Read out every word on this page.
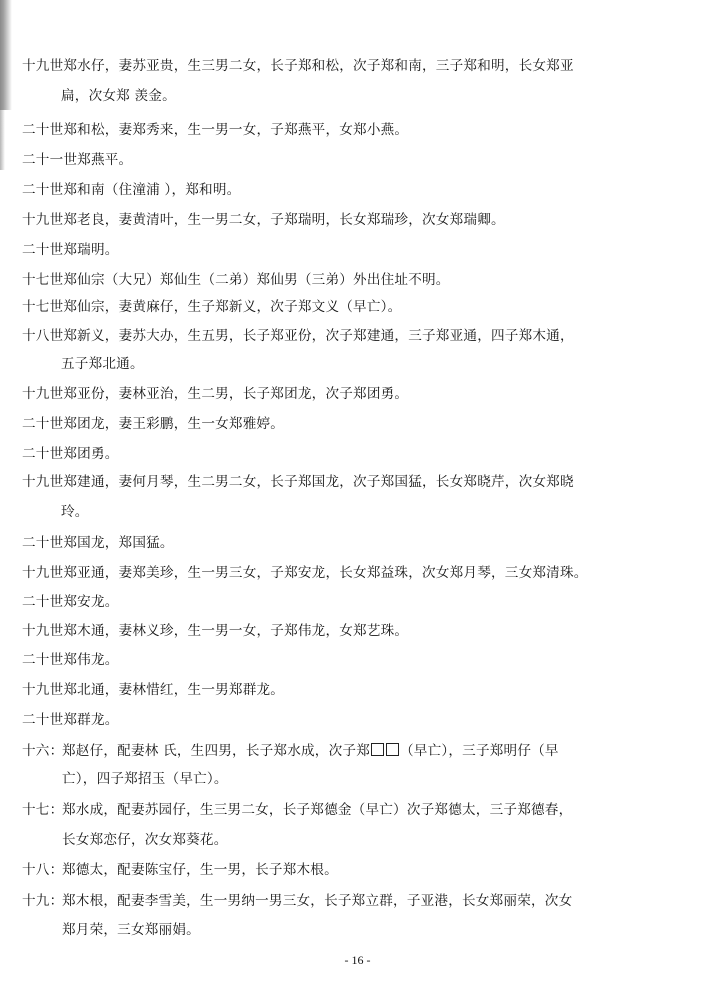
十九世郑水仔，妻苏亚贵，生三男二女，长子郑和松，次子郑和南，三子郑和明，长女郑亚
扁，次女郑 羡金。
二十世郑和松，妻郑秀来，生一男一女，子郑燕平，女郑小燕。
二十一世郑燕平。
二十世郑和南（住潼浦 ），郑和明。
十九世郑老良，妻黄清叶，生一男二女，子郑瑞明，长女郑瑞珍，次女郑瑞卿。
二十世郑瑞明。
十七世郑仙宗（大兄）郑仙生（二弟）郑仙男（三弟）外出住址不明。
十七世郑仙宗，妻黄麻仔，生子郑新义，次子郑文义（早亡）。
十八世郑新义，妻苏大办，生五男，长子郑亚份，次子郑建通，三子郑亚通，四子郑木通，
五子郑北通。
十九世郑亚份，妻林亚治，生二男，长子郑团龙，次子郑团勇。
二十世郑团龙，妻王彩鹏，生一女郑雅婷。
二十世郑团勇。
十九世郑建通，妻何月琴，生二男二女，长子郑国龙，次子郑国猛，长女郑晓芹，次女郑晓
玲。
二十世郑国龙，郑国猛。
十九世郑亚通，妻郑美珍，生一男三女，子郑安龙，长女郑益珠，次女郑月琴，三女郑清珠。
二十世郑安龙。
十九世郑木通，妻林义珍，生一男一女，子郑伟龙，女郑艺珠。
二十世郑伟龙。
十九世郑北通，妻林惜红，生一男郑群龙。
二十世郑群龙。
十六：
郑赵仔，配妻林 氏，生四男，长子郑水成，次子郑 （早亡），三子郑明仔（早
亡），四子郑招玉（早亡）。
十七：
郑水成，配妻苏园仔，生三男二女，长子郑德金（早亡）次子郑德太，三子郑德春，
长女郑恋仔，次女郑葵花。
十八：
郑德太，配妻陈宝仔，生一男，长子郑木根。
十九：
郑木根，配妻李雪美，生一男纳一男三女，长子郑立群，子亚港，长女郑丽荣，次女
郑月荣，三女郑丽娟。
- 16 -
